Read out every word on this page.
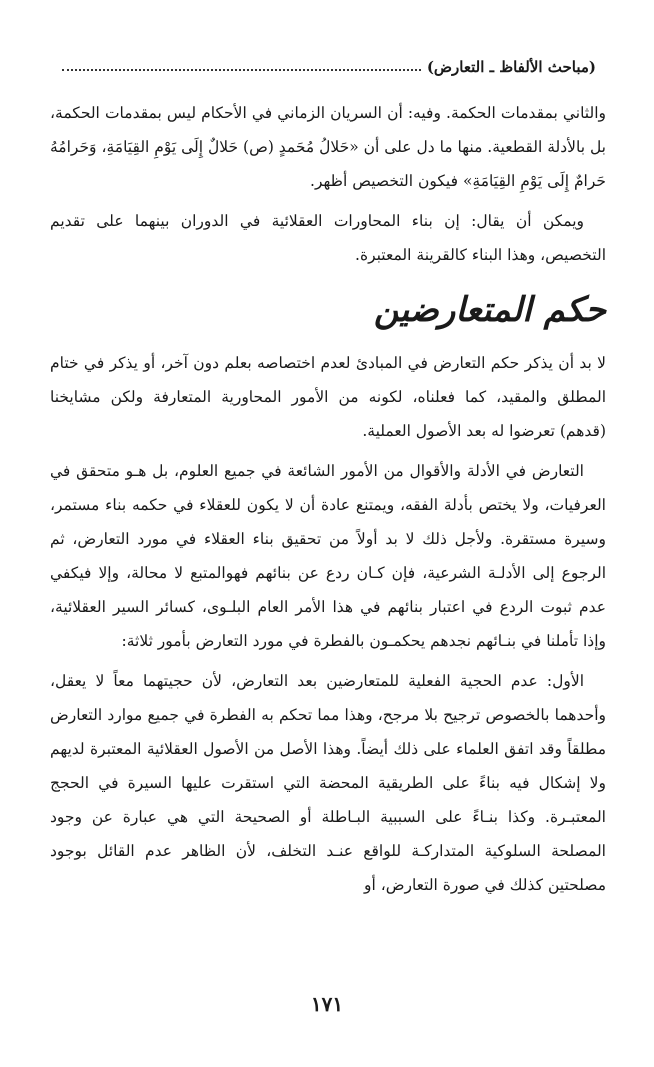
(مباحث الألفاظ ـ التعارض)

والثاني بمقدمات الحكمة. وفيه: أن السريان الزماني في الأحكام ليس بمقدمات الحكمة، بل بالأدلة القطعية. منها ما دل على أن «حَلالُ مُحَمدٍ (ص) حَلالٌ إِلَى يَوْمِ القِيَامَةِ، وَحَرامُهُ حَرامٌ إِلَى يَوْمِ القِيَامَةِ» فيكون التخصيص أظهر.

ويمكن أن يقال: إن بناء المحاورات العقلائية في الدوران بينهما على تقديم التخصيص، وهذا البناء كالقرينة المعتبرة.

حكم المتعارضين

لا بد أن يذكر حكم التعارض في المبادئ لعدم اختصاصه بعلم دون آخر، أو يذكر في ختام المطلق والمقيد، كما فعلناه، لكونه من الأمور المحاورية المتعارفة ولكن مشايخنا (قدهم) تعرضوا له بعد الأصول العملية.

التعارض في الأدلة والأقوال من الأمور الشائعة في جميع العلوم، بل هـو متحقق في العرفيات، ولا يختص بأدلة الفقه، ويمتنع عادة أن لا يكون للعقلاء في حكمه بناء مستمر، وسيرة مستقرة. ولأجل ذلك لا بد أولاً من تحقيق بناء العقلاء في مورد التعارض، ثم الرجوع إلى الأدلـة الشرعية، فإن كـان ردع عن بنائهم فهوالمتبع لا محالة، وإلا فيكفي عدم ثبوت الردع في اعتبار بنائهم في هذا الأمر العام البلـوى، كسائر السير العقلائية، وإذا تأملنا في بنـائهم نجدهم يحكمـون بالفطرة في مورد التعارض بأمور ثلاثة:

الأول: عدم الحجية الفعلية للمتعارضين بعد التعارض، لأن حجيتهما معاً لا يعقل، وأحدهما بالخصوص ترجيح بلا مرجح، وهذا مما تحكم به الفطرة في جميع موارد التعارض مطلقاً وقد اتفق العلماء على ذلك أيضاً. وهذا الأصل من الأصول العقلائية المعتبرة لديهم ولا إشكال فيه بناءً على الطريقية المحضة التي استقرت عليها السيرة في الحجج المعتبـرة. وكذا بنـاءً على السببية البـاطلة أو الصحيحة التي هي عبارة عن وجود المصلحة السلوكية المتداركـة للواقع عنـد التخلف، لأن الظاهر عدم القائل بوجود مصلحتين كذلك في صورة التعارض، أو

١٧١
